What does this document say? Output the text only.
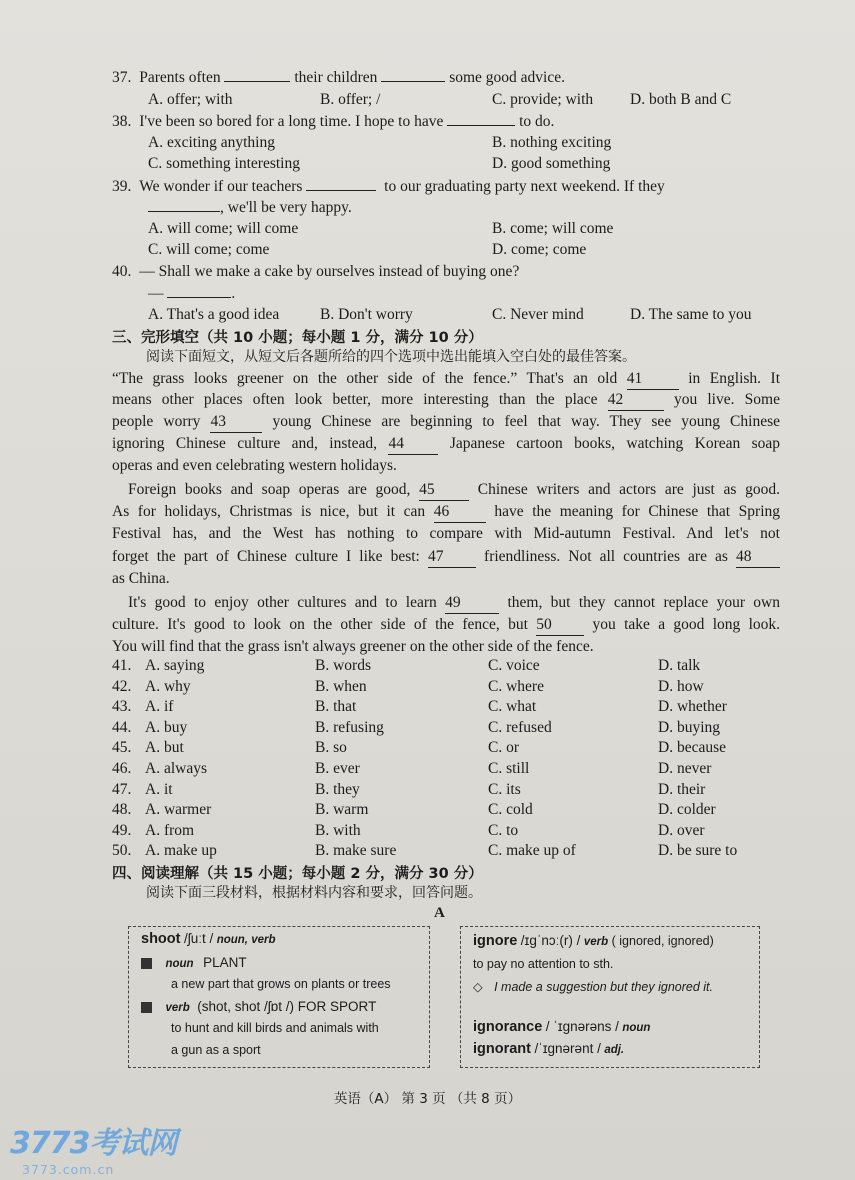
37. Parents often	their children	some good advice.
A. offer; with	B. offer; /	C. provide; with D. both B and C
38. I've been so bored for a long time. I hope to have	to do.
A. exciting anything	B. nothing exciting
C. something interesting	D. good something
39. We wonder if our teachers	to our graduating party next weekend. If they
, we'll be very happy.
A. will come; will come	B. come; will come
C. will come; come	D. come; come
40. — Shall we make a cake by ourselves instead of buying one?
—	.
A. That's a good idea	B. Don't worry	C. Never mind	D. The same to you
三、完形填空（共 10 小题；每小题 1 分，满分 10 分）
阅读下面短文，从短文后各题所给的四个选项中选出能填入空白处的最佳答案。
“The grass looks greener on the other side of the fence.” That's an old 41	in English. It
means other places often look better, more interesting than the place 42	you live. Some
people worry 43	young Chinese are beginning to feel that way. They see young Chinese
ignoring Chinese culture and, instead, 44	Japanese cartoon books, watching Korean soap
operas and even celebrating western holidays.
Foreign books and soap operas are good, 45	Chinese writers and actors are just as good.
As for holidays, Christmas is nice, but it can 46	have the meaning for Chinese that Spring
Festival has, and the West has nothing to compare with Mid-autumn Festival. And let's not
forget the part of Chinese culture I like best: 47	friendliness. Not all countries are as 48
as China.
It's good to enjoy other cultures and to learn 49	them, but they cannot replace your own
culture. It's good to look on the other side of the fence, but 50	you take a good long look.
You will find that the grass isn't always greener on the other side of the fence.
41. A. saying	B. words	C. voice	D. talk
42. A. why	B. when	C. where	D. how
43. A. if	B. that	C. what	D. whether
44. A. buy	B. refusing	C. refused	D. buying
45. A. but	B. so	C. or	D. because
46. A. always	B. ever	C. still	D. never
47. A. it	B. they	C. its	D. their
48. A. warmer	B. warm	C. cold	D. colder
49. A. from	B. with	C. to	D. over
50. A. make up	B. make sure	C. make up of	D. be sure to
四、阅读理解（共 15 小题；每小题 2 分，满分 30 分）
阅读下面三段材料，根据材料内容和要求，回答问题。
A
shoot /ʃuːt / noun, verb
noun PLANT
a new part that grows on plants or trees
verb (shot, shot /ʃɒt /) FOR SPORT
to hunt and kill birds and animals with
a gun as a sport
ignore /ɪgˈnɔː(r) / verb ( ignored, ignored)
to pay no attention to sth.
◇ I made a suggestion but they ignored it.
ignorance / ˈɪgnərəns / noun
ignorant /ˈɪgnərənt / adj.
英语（A） 第 3 页 （共 8 页）
3773考试网
3773.com.cn
